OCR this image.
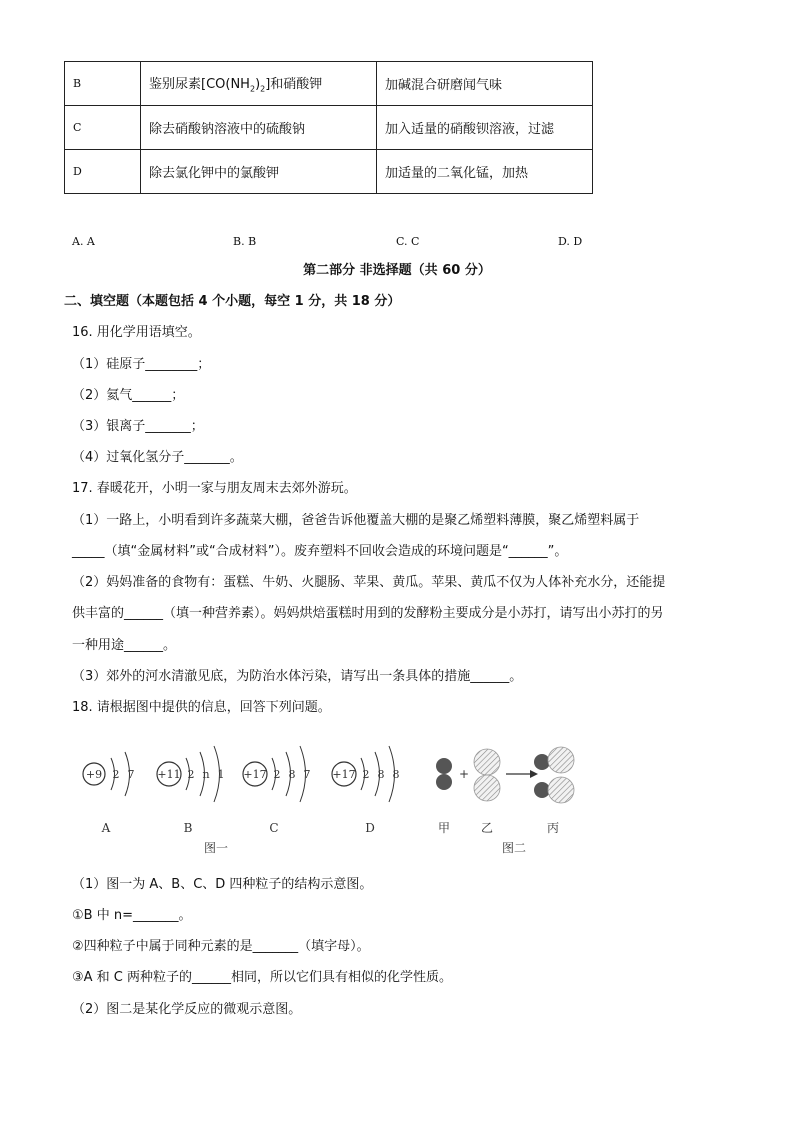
B	鉴别尿素$[CO(NH_2)_2]$和硝酸钾	加碱混合研磨闻气味
C	除去硝酸钠溶液中的硫酸钠	加入适量的硝酸钡溶液，过滤
D	除去氯化钾中的氯酸钾	加适量的二氧化锰，加热
A. A	B. B	C. C	D. D
第二部分 非选择题（共 60 分）
二、填空题（本题包括 4 个小题，每空 1 分，共 18 分）
16. 用化学用语填空。
（1）硅原子________；
（2）氦气______；
（3）银离子_______；
（4）过氧化氢分子_______。
17. 春暖花开，小明一家与朋友周末去郊外游玩。
（1）一路上，小明看到许多蔬菜大棚，爸爸告诉他覆盖大棚的是聚乙烯塑料薄膜，聚乙烯塑料属于
_____（填“金属材料”或“合成材料”）。废弃塑料不回收会造成的环境问题是“______”。
（2）妈妈准备的食物有：蛋糕、牛奶、火腿肠、苹果、黄瓜。苹果、黄瓜不仅为人体补充水分，还能提
供丰富的______（填一种营养素）。妈妈烘焙蛋糕时用到的发酵粉主要成分是小苏打，请写出小苏打的另
一种用途______。
（3）郊外的河水清澈见底，为防治水体污染，请写出一条具体的措施______。
18. 请根据图中提供的信息，回答下列问题。
+9 2 7
A
+11 2 n 1
B
+17 2 8 7
C
+17 2 8 8
D
图一
+
甲	乙	丙
图二
（1）图一为 A、B、C、D 四种粒子的结构示意图。
①B 中 n=_______。
②四种粒子中属于同种元素的是_______（填字母）。
③A 和 C 两种粒子的______相同，所以它们具有相似的化学性质。
（2）图二是某化学反应的微观示意图。
